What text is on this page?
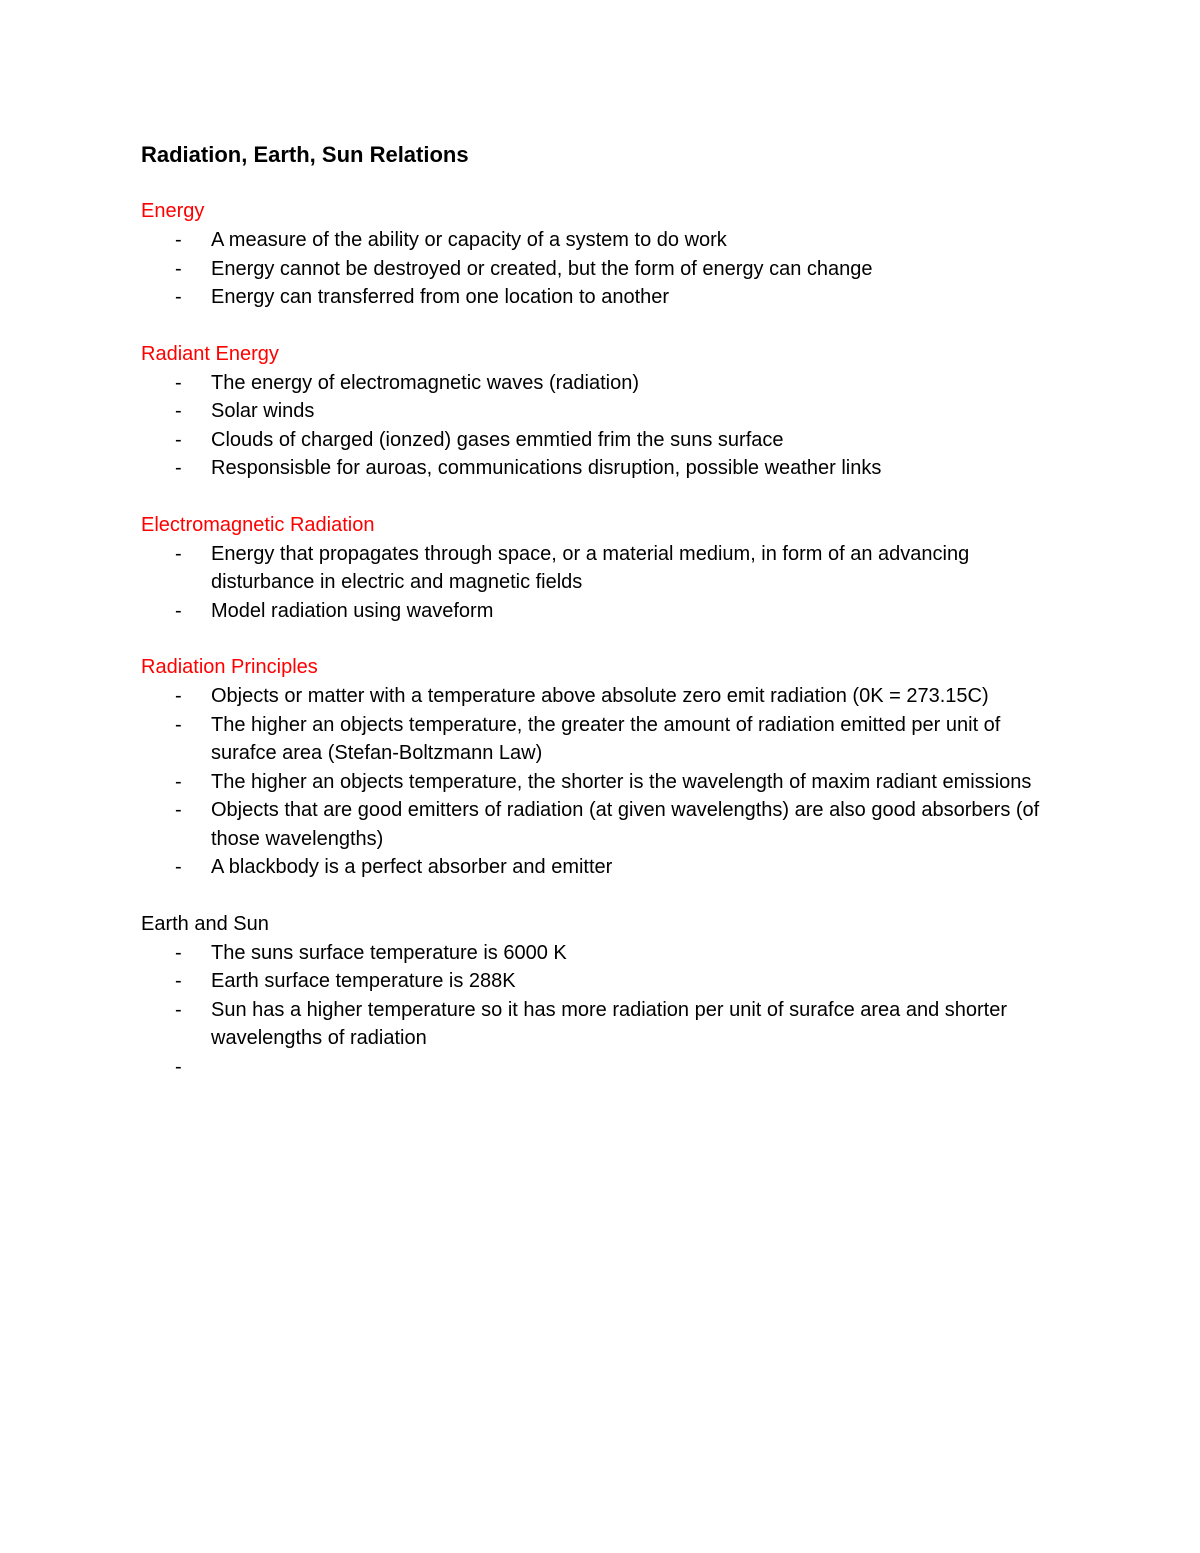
Radiation, Earth, Sun Relations
Energy
- A measure of the ability or capacity of a system to do work
- Energy cannot be destroyed or created, but the form of energy can change
- Energy can transferred from one location to another
Radiant Energy
- The energy of electromagnetic waves (radiation)
- Solar winds
- Clouds of charged (ionzed) gases emmtied frim the suns surface
- Responsisble for auroas, communications disruption, possible weather links
Electromagnetic Radiation
- Energy that propagates through space, or a material medium, in form of an advancing disturbance in electric and magnetic fields
- Model radiation using waveform
Radiation Principles
- Objects or matter with a temperature above absolute zero emit radiation (0K = 273.15C)
- The higher an objects temperature, the greater the amount of radiation emitted per unit of surafce area (Stefan-Boltzmann Law)
- The higher an objects temperature, the shorter is the wavelength of maxim radiant emissions
- Objects that are good emitters of radiation (at given wavelengths) are also good absorbers (of those wavelengths)
- A blackbody is a perfect absorber and emitter
Earth and Sun
- The suns surface temperature is 6000 K
- Earth surface temperature is 288K
- Sun has a higher temperature so it has more radiation per unit of surafce area and shorter wavelengths of radiation
-
